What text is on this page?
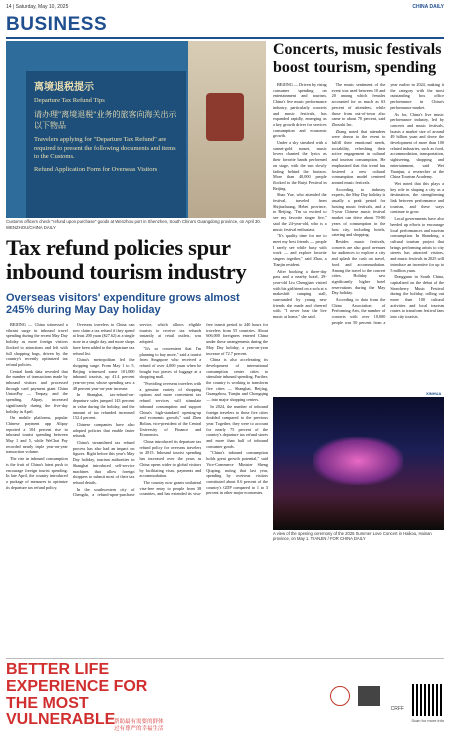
14 | Saturday, May 10, 2025	CHINA DAILY
BUSINESS
离境退税提示
Departure Tax Refund Tips
请办理"离境退税"业务的旅客向海关出示以下物品
Travelers applying for "Departure Tax Refund" are required to present the following documents and items to the Customs.
Refund Application Form for Overseas Visitors
Customs officers check "refund upon purchase" goods at Wenzhou port in Shenzhen, South China's Guangdong province, on April 30. WENZHOU/CHINA DAILY
Tax refund policies spur inbound tourism industry
Overseas visitors' expenditure grows almost 245% during May Day holiday

BEIJING — China witnessed a vibrant surge in inbound travel spending during the recent May Day holiday as more foreign visitors flocked to attractions and left with full shopping bags, driven by the country's recently optimized tax refund policies.

Central bank data revealed that the number of transactions made by inbound visitors and processed through card payment giant China UnionPay — Tenpay, and the spending, Alipay, increased significantly during the five-day holiday in April.

On mobile platforms, popular Chinese payment app Alipay reported a 104 percent rise in inbound tourist spending between May 1 and 5, while WeChat Pay recorded nearly triple year-on-year transaction volume.

The rise in inbound consumption is the fruit of China's latest push to encourage foreign tourist spending. In late April, the country introduced a package of measures to optimize its departure tax refund policy.

Overseas travelers to China can now claim a tax refund if they spend at least 200 yuan ($27.62) at a single store in a single day, and more shops have been added to the departure tax refund list.

China's metropolitan led the shopping surge. From May 1 to 5, Beijing witnessed some 101,000 inbound tourists, up 41.4 percent year-on-year, whose spending saw a 48 percent year-on-year increase.

In Shanghai, tax-refund-on-departure sales jumped 143 percent in value during the holiday, and the amount of tax refunded increased 152.4 percent.

Chinese companies have also adopted policies that enable faster refunds.

China's streamlined tax refund process has also had an impact on figures. Right before this year's May Day holiday, tourism authorities in Shanghai introduced self-service machines that allow foreign shoppers to submit most of their tax refund details.

In the southwestern city of Chengdu, a refund-upon-purchase service, which allows eligible tourists to receive tax refunds instantly at retail outlets, was adopted.

"It's so convenient that I'm planning to buy more," said a tourist from Singapore who received a refund of over 4,000 yuan when he bought two pieces of luggage at a shopping mall.

"Providing overseas travelers with a genuine variety of shopping options and more convenient tax refund services will stimulate inbound consumption and support China's high-standard opening-up and economic growth," said Zhen Bolian, vice-president of the Central University of Finance and Economics.

China introduced its departure tax refund policy for overseas travelers in 2015. Inbound tourist spending has increased over the years as China opens wider to global visitors by facilitating visas, payments and accommodation.

The country now grants unilateral visa-free entry to people from 38 countries, and has extended its visa-free transit period to 240 hours for travelers from 55 countries. About 606,000 foreigners entered China under these arrangements during the May Day holiday, a year-on-year increase of 72.7 percent.

China is also accelerating its development of international consumption center cities to stimulate inbound spending. Further, the country is working to transform five cities — Shanghai, Beijing, Guangzhou, Tianjin and Chongqing — into major shopping centers.

In 2024, the number of inbound foreign travelers to those five cities doubled compared to the previous year. Together, they were to account for nearly 75 percent of the country's departure tax refund stores and more than half of inbound consumer goods.

"China's inbound consumption holds great growth potential," said Vice-Commerce Minister Sheng Qiuping, noting that last year, spending by overseas visitors constituted about 0.6 percent of the country's GDP compared to 1 to 3 percent in other major economies.

Concerts, music festivals boost tourism, spending

BEIJING — Driven by rising consumer spending on entertainment and tourism, China's live music performance industry, particularly concerts and music festivals, has expanded rapidly, emerging as a key growth driver for services consumption and economic growth.

Under a sky streaked with a sunset-gold sunset, music lovers chanted the lyrics as their favorite bands performed on stage, with the sun slowly fading behind the horizon. More than 40,000 people flocked to the Ruiyi Festival in Beijing.

Shao Yue, who attended the festival, traveled from Shijiazhuang, Hebei province, to Beijing. "I'm so excited to see my favorite singer live," said the 24-year-old, who is a music festival enthusiast.

"It's quality time for me to meet my best friends — people I rarely see while busy with work — and explore favorite singers together," said Zhao, a Tianjin resident.

After booking a three-day pass and a nearby hotel, 29-year-old Liu Chengjian visited with his girlfriend on a sofa at a makeshift camping stall, surrounded by young new friends she made and cheered with. "I never hear the live music at home," she said.

The music sentiment of the event was used between 10 and 20 among which females accounted for as much as 63 percent of attendees, while those from out-of-town also came to about 70 percent, said Zhoushi Inc.

Zhang noted that attendees were drawn to the event to fulfill their emotional needs, sociability, refreshing their active engagement in cultural and tourism consumption. He emphasized that this trend has fostered a new cultural consumption model centered around music festivals.

According to industry experts, the May Day holiday is usually a peak period for hosting music festivals, and a 5-year Chinese music festival market can drive about 70-80 years of consumption in the host city, including hotels, catering and shopping.

Besides music festivals, concerts are also good avenues for audiences to explore a city and splash the cash on travel, food and accommodation. Among the travel to the concert cities, Holiday saw significantly higher hotel reservations during the May Day holiday.

According to data from the China Association of Performing Arts, the number of concerts with over 10,000 people was 50 percent from a year earlier in 2024, making it the category with the most outstanding box office performance in China's performance market.

As for, China's live music performance industry, led by concerts and music festivals, boasts a market size of around 49 billion yuan and drove the development of more than 100 related industries, such as food, accommodation, transportation, sightseeing, shopping and entertainment, said Wei Yuanjun, a researcher at the China Tourism Academy.

Wei noted that this plays a key role in shaping a city as a destination, the strengthening link between performance and tourism, and these ways continue to grow.

Local governments have also heeded up efforts to encourage local performances and tourism consumption. In Shandong, a cultural tourism project that brings performing artists to city streets has attracted visitors, and music festivals in 2025 will introduce an incentive for up to 5 million yuan.

Dongguan in South China, capitalized on the debut of the Strawberry Music Festival during the holiday, rolling out more than 100 cultural activities and local tourism routes to transform festival fans into city tourists.

XINHUA
A view of the opening ceremony of the 2025 Summer Love Concert in Haikou, Hainan province, on May 1. TIANJIN / FOR CHINA DAILY
BETTER LIFE
EXPERIENCE FOR
THE MOST
VULNERABLE
帮助最有需要的群体
过有尊严的幸福生活
CRFF
Scan for more info
